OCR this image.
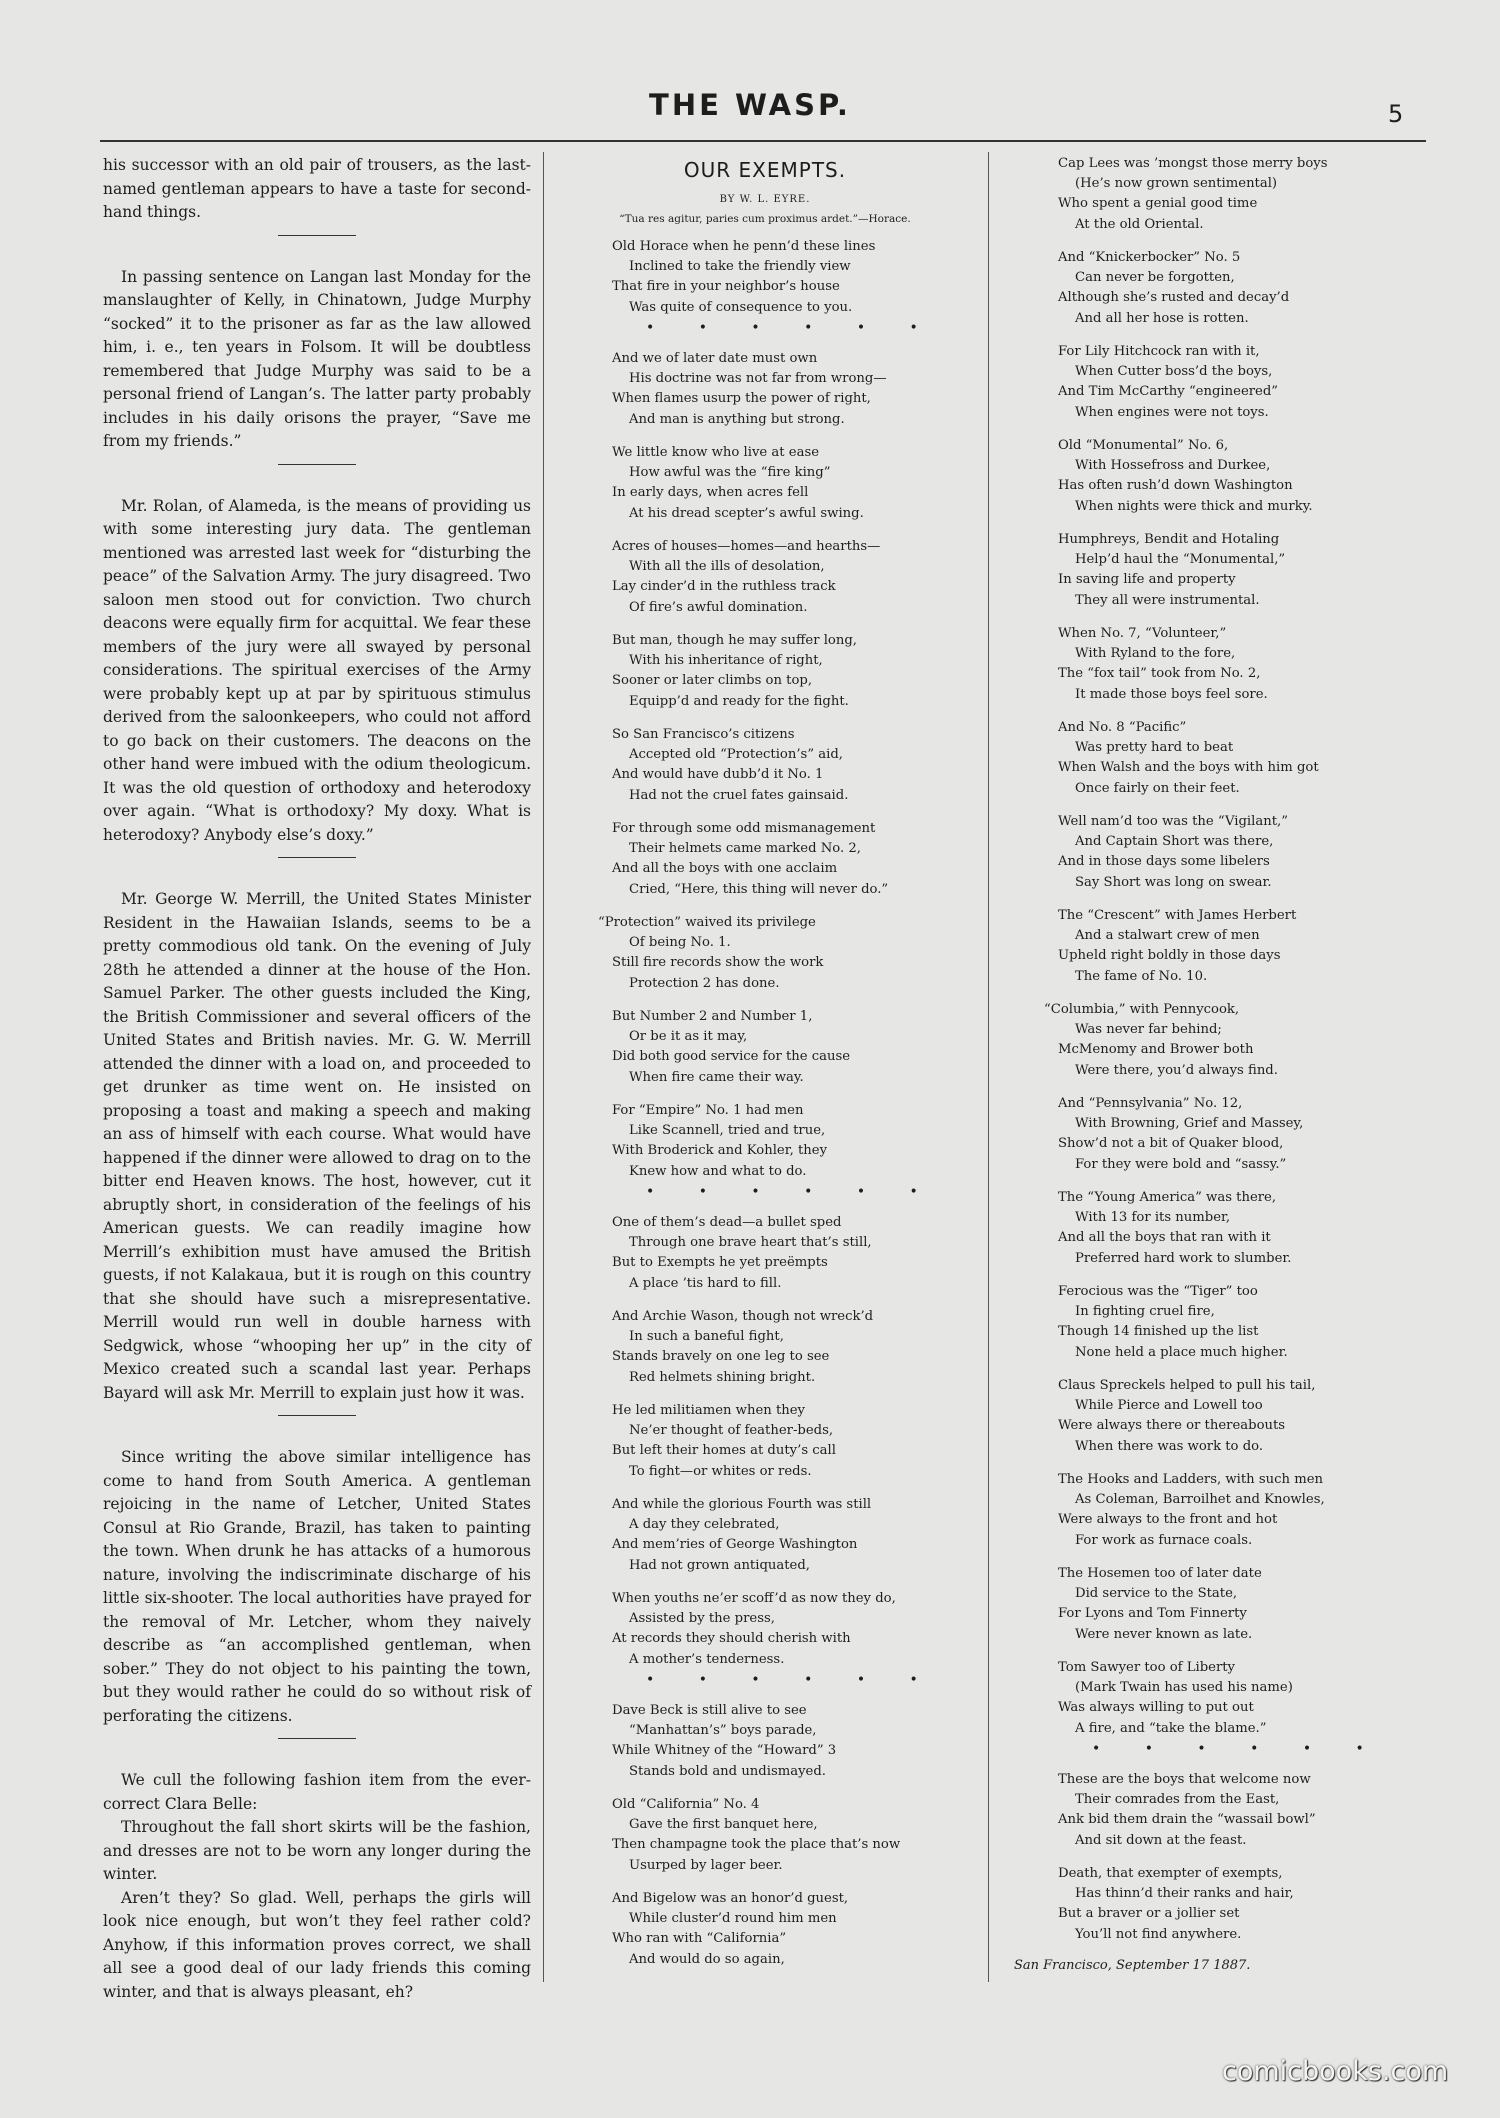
THE WASP.	5

his successor with an old pair of trousers, as the last-named gentleman appears to have a taste for second-hand things.

In passing sentence on Langan last Monday for the manslaughter of Kelly, in Chinatown, Judge Murphy “socked” it to the prisoner as far as the law allowed him, i. e., ten years in Folsom. It will be doubtless remembered that Judge Murphy was said to be a personal friend of Langan’s. The latter party probably includes in his daily orisons the prayer, “Save me from my friends.”

Mr. Rolan, of Alameda, is the means of providing us with some interesting jury data. The gentleman mentioned was arrested last week for “disturbing the peace” of the Salvation Army. The jury disagreed. Two saloon men stood out for conviction. Two church deacons were equally firm for acquittal. We fear these members of the jury were all swayed by personal considerations. The spiritual exercises of the Army were probably kept up at par by spirituous stimulus derived from the saloonkeepers, who could not afford to go back on their customers. The deacons on the other hand were imbued with the odium theologicum. It was the old question of orthodoxy and heterodoxy over again. “What is orthodoxy? My doxy. What is heterodoxy? Anybody else’s doxy.”

Mr. George W. Merrill, the United States Minister Resident in the Hawaiian Islands, seems to be a pretty commodious old tank. On the evening of July 28th he attended a dinner at the house of the Hon. Samuel Parker. The other guests included the King, the British Commissioner and several officers of the United States and British navies. Mr. G. W. Merrill attended the dinner with a load on, and proceeded to get drunker as time went on. He insisted on proposing a toast and making a speech and making an ass of himself with each course. What would have happened if the dinner were allowed to drag on to the bitter end Heaven knows. The host, however, cut it abruptly short, in consideration of the feelings of his American guests. We can readily imagine how Merrill’s exhibition must have amused the British guests, if not Kalakaua, but it is rough on this country that she should have such a misrepresentative. Merrill would run well in double harness with Sedgwick, whose “whooping her up” in the city of Mexico created such a scandal last year. Perhaps Bayard will ask Mr. Merrill to explain just how it was.

Since writing the above similar intelligence has come to hand from South America. A gentleman rejoicing in the name of Letcher, United States Consul at Rio Grande, Brazil, has taken to painting the town. When drunk he has attacks of a humorous nature, involving the indiscriminate discharge of his little six-shooter. The local authorities have prayed for the removal of Mr. Letcher, whom they naively describe as “an accomplished gentleman, when sober.” They do not object to his painting the town, but they would rather he could do so without risk of perforating the citizens.

We cull the following fashion item from the ever-correct Clara Belle:

Throughout the fall short skirts will be the fashion, and dresses are not to be worn any longer during the winter.

Aren’t they? So glad. Well, perhaps the girls will look nice enough, but won’t they feel rather cold? Anyhow, if this information proves correct, we shall all see a good deal of our lady friends this coming winter, and that is always pleasant, eh?

OUR EXEMPTS.
BY W. L. EYRE.
“Tua res agitur, paries cum proximus ardet.”—Horace.
Old Horace when he penn’d these lines
Inclined to take the friendly view
That fire in your neighbor’s house
Was quite of consequence to you.
• • • • • •
And we of later date must own
His doctrine was not far from wrong—
When flames usurp the power of right,
And man is anything but strong.
We little know who live at ease
How awful was the “fire king”
In early days, when acres fell
At his dread scepter’s awful swing.
Acres of houses—homes—and hearths—
With all the ills of desolation,
Lay cinder’d in the ruthless track
Of fire’s awful domination.
But man, though he may suffer long,
With his inheritance of right,
Sooner or later climbs on top,
Equipp’d and ready for the fight.
So San Francisco’s citizens
Accepted old “Protection’s” aid,
And would have dubb’d it No. 1
Had not the cruel fates gainsaid.
For through some odd mismanagement
Their helmets came marked No. 2,
And all the boys with one acclaim
Cried, “Here, this thing will never do.”
“Protection” waived its privilege
Of being No. 1.
Still fire records show the work
Protection 2 has done.
But Number 2 and Number 1,
Or be it as it may,
Did both good service for the cause
When fire came their way.
For “Empire” No. 1 had men
Like Scannell, tried and true,
With Broderick and Kohler, they
Knew how and what to do.
• • • • • •
One of them’s dead—a bullet sped
Through one brave heart that’s still,
But to Exempts he yet preëmpts
A place ’tis hard to fill.
And Archie Wason, though not wreck’d
In such a baneful fight,
Stands bravely on one leg to see
Red helmets shining bright.
He led militiamen when they
Ne’er thought of feather-beds,
But left their homes at duty’s call
To fight—or whites or reds.
And while the glorious Fourth was still
A day they celebrated,
And mem’ries of George Washington
Had not grown antiquated,
When youths ne’er scoff’d as now they do,
Assisted by the press,
At records they should cherish with
A mother’s tenderness.
• • • • • •
Dave Beck is still alive to see
“Manhattan’s” boys parade,
While Whitney of the “Howard” 3
Stands bold and undismayed.
Old “California” No. 4
Gave the first banquet here,
Then champagne took the place that’s now
Usurped by lager beer.
And Bigelow was an honor’d guest,
While cluster’d round him men
Who ran with “California”
And would do so again,
Cap Lees was ’mongst those merry boys
(He’s now grown sentimental)
Who spent a genial good time
At the old Oriental.
And “Knickerbocker” No. 5
Can never be forgotten,
Although she’s rusted and decay’d
And all her hose is rotten.
For Lily Hitchcock ran with it,
When Cutter boss’d the boys,
And Tim McCarthy “engineered”
When engines were not toys.
Old “Monumental” No. 6,
With Hossefross and Durkee,
Has often rush’d down Washington
When nights were thick and murky.
Humphreys, Bendit and Hotaling
Help’d haul the “Monumental,”
In saving life and property
They all were instrumental.
When No. 7, “Volunteer,”
With Ryland to the fore,
The “fox tail” took from No. 2,
It made those boys feel sore.
And No. 8 “Pacific”
Was pretty hard to beat
When Walsh and the boys with him got
Once fairly on their feet.
Well nam’d too was the “Vigilant,”
And Captain Short was there,
And in those days some libelers
Say Short was long on swear.
The “Crescent” with James Herbert
And a stalwart crew of men
Upheld right boldly in those days
The fame of No. 10.
“Columbia,” with Pennycook,
Was never far behind;
McMenomy and Brower both
Were there, you’d always find.
And “Pennsylvania” No. 12,
With Browning, Grief and Massey,
Show’d not a bit of Quaker blood,
For they were bold and “sassy.”
The “Young America” was there,
With 13 for its number,
And all the boys that ran with it
Preferred hard work to slumber.
Ferocious was the “Tiger” too
In fighting cruel fire,
Though 14 finished up the list
None held a place much higher.
Claus Spreckels helped to pull his tail,
While Pierce and Lowell too
Were always there or thereabouts
When there was work to do.
The Hooks and Ladders, with such men
As Coleman, Barroilhet and Knowles,
Were always to the front and hot
For work as furnace coals.
The Hosemen too of later date
Did service to the State,
For Lyons and Tom Finnerty
Were never known as late.
Tom Sawyer too of Liberty
(Mark Twain has used his name)
Was always willing to put out
A fire, and “take the blame.”
• • • • • •
These are the boys that welcome now
Their comrades from the East,
Ank bid them drain the “wassail bowl”
And sit down at the feast.
Death, that exempter of exempts,
Has thinn’d their ranks and hair,
But a braver or a jollier set
You’ll not find anywhere.
San Francisco, September 17 1887.
comicbooks.com
